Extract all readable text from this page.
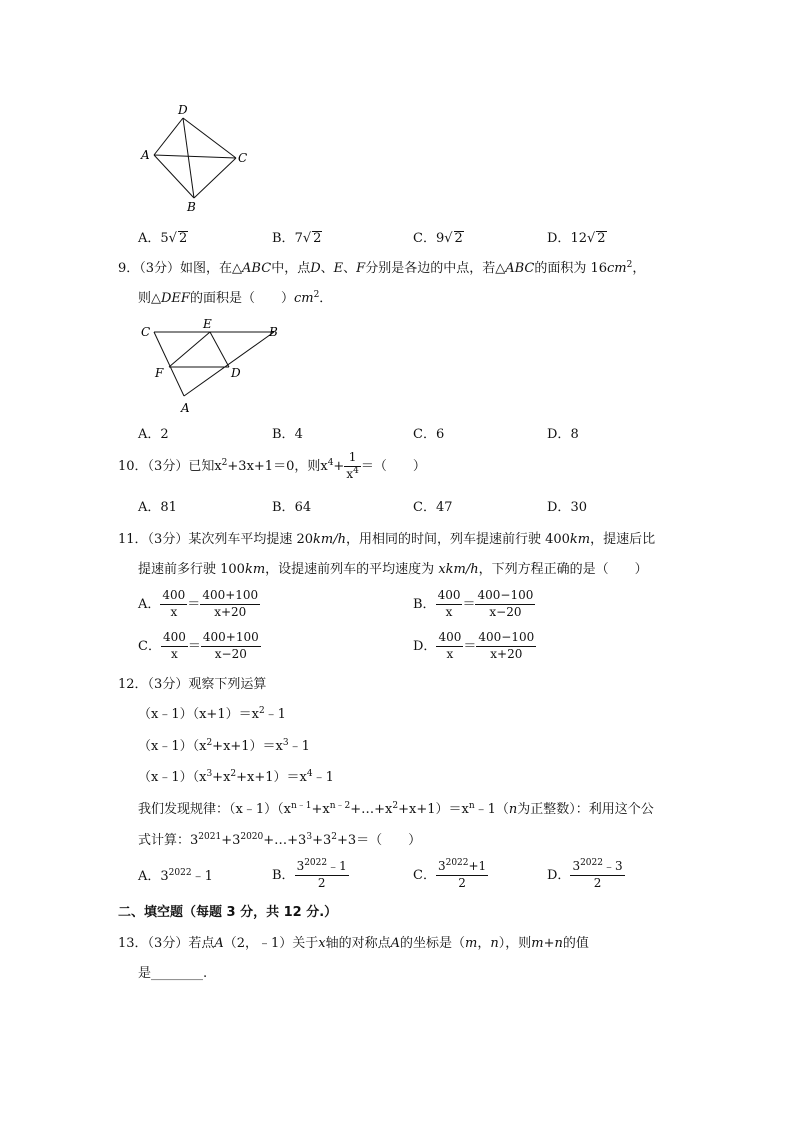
D
A	C
B
A．5√ 2	B．7√ 2	C．9√ 2	D．12√ 2
9．（3分）如图，在△ABC中，点D、E、F分别是各边的中点，若△ABC的面积为 $16cm^2$，
则△DEF的面积是（　　）$cm^2$．
C
E
B
F	D
A
A．2	B．4	C．6	D．8
10．（3分）已知$x^2+3x+1=0$，则$x^4+ \frac{1}{x^4}$ ＝（　　）
A．81	B．64	C．47	D．30
11．（3分）某次列车平均提速 20km/h，用相同的时间，列车提速前行驶 400km，提速后比
提速前多行驶 100km，设提速前列车的平均速度为 xkm/h，下列方程正确的是（　　）
A． $\frac{400}{x} = \frac{400+100}{x+20}$	B． $\frac{400}{x} = \frac{400-100}{x-20}$
C． $\frac{400}{x} = \frac{400+100}{x-20}$	D． $\frac{400}{x} = \frac{400-100}{x+20}$
12．（3分）观察下列运算
$(x﹣1)(x+1)=x^2﹣1$
$(x﹣1)(x^2+x+1)=x^3﹣1$
$(x﹣1)(x^3+x^2+x+1)=x^4﹣1$
我们发现规律：$(x﹣1)(x^{n﹣1}+x^{n﹣2}+\dots+x^2+x+1)=x^n﹣1(n$为正整数）：利用这个公
式计算：$3^{2021}+3^{2020}+\dots+3^3+3^2+3=$（　　）
A．$3^{2022}﹣1$	B． $\frac{3^{2022}﹣1}{2}$	C． $\frac{3^{2022}+1}{2}$	D． $\frac{3^{2022}﹣3}{2}$
二、填空题（每题 3 分，共 12 分.）
13．（3分）若点A（2，﹣1）关于x轴的对称点A的坐标是（m，n），则m+n的值
是________.
